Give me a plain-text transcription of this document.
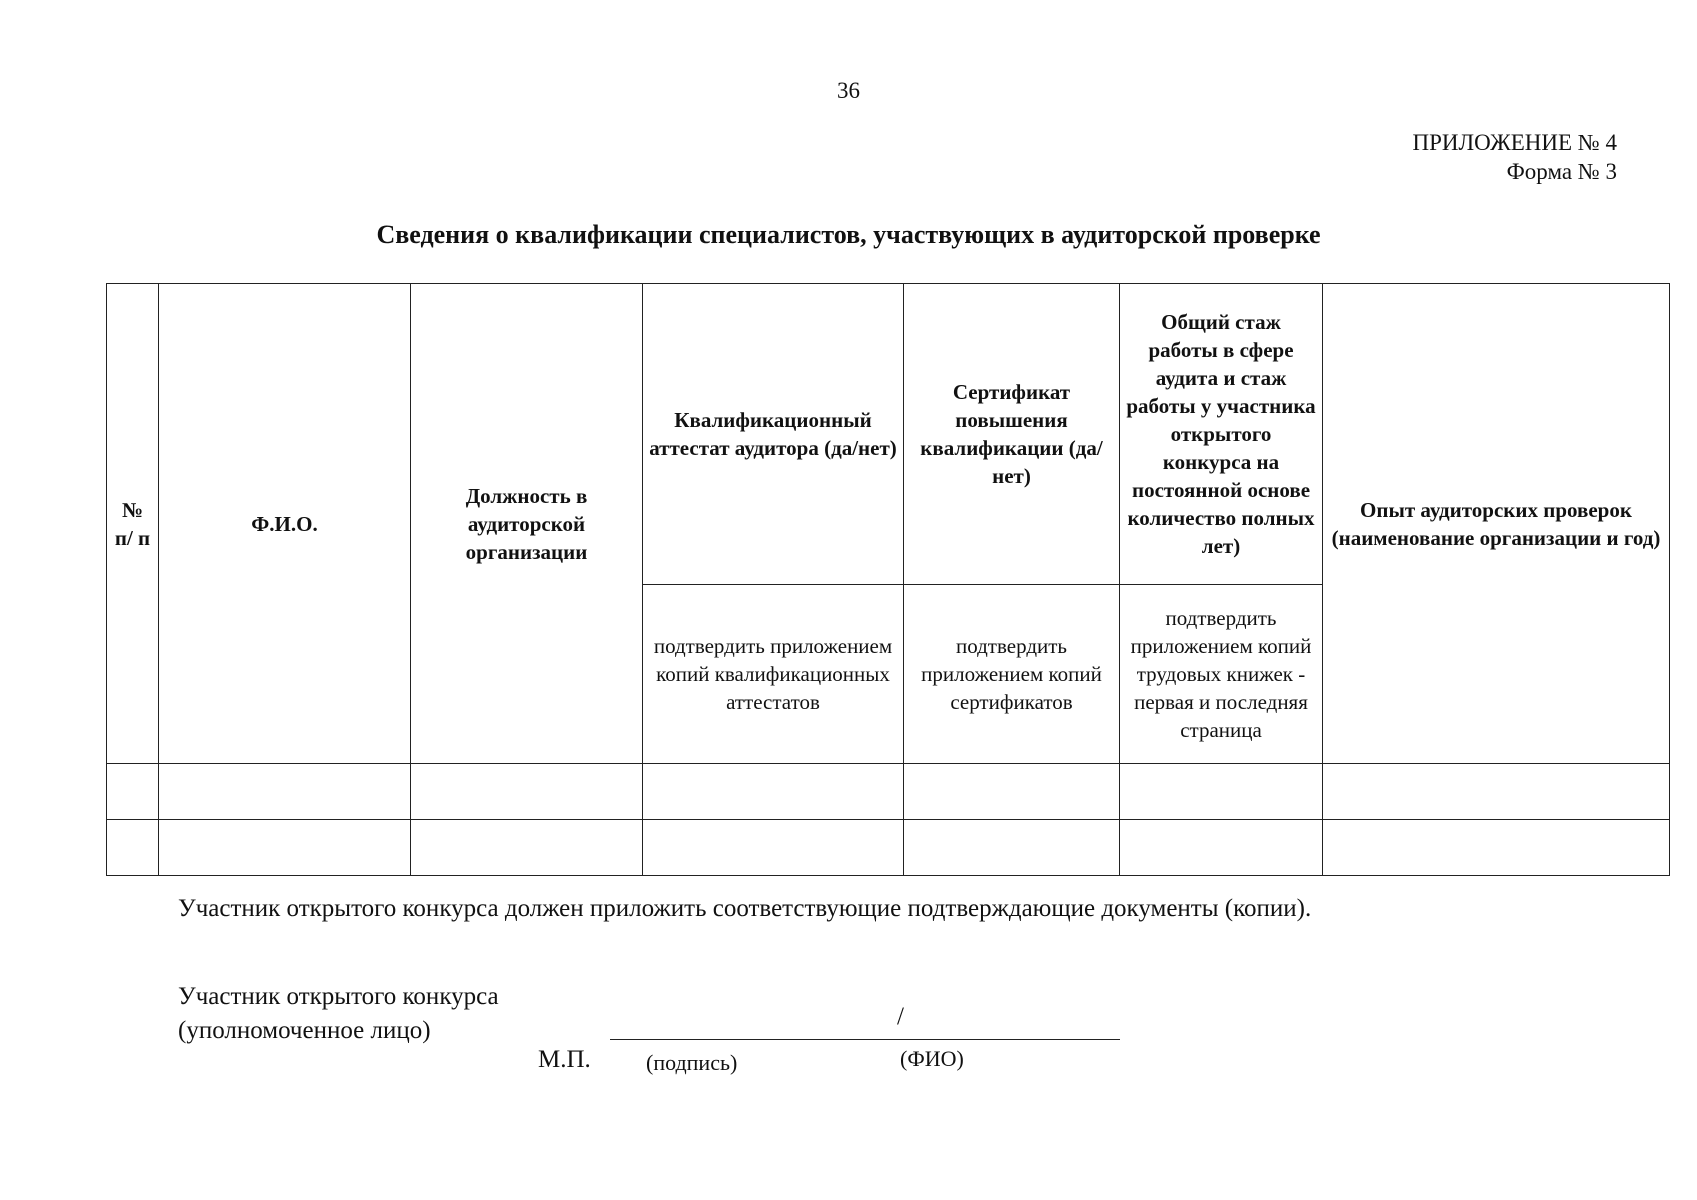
36
ПРИЛОЖЕНИЕ № 4
Форма № 3
Сведения о квалификации специалистов, участвующих в аудиторской проверке
№ п/ п	Ф.И.О.	Должность в аудиторской организации	Квалификационный аттестат аудитора (да/нет)	Сертификат повышения квалификации (да/нет)	Общий стаж работы в сфере аудита и стаж работы у участника открытого конкурса на постоянной основе количество полных лет)	Опыт аудиторских проверок (наименование организации и год)
			подтвердить приложением копий квалификационных аттестатов	подтвердить приложением копий сертификатов	подтвердить приложением копий трудовых книжек - первая и последняя страница	

Участник открытого конкурса должен приложить соответствующие подтверждающие документы (копии).
Участник открытого конкурса
(уполномоченное лицо)
/
М.П.	(подпись)	(ФИО)
